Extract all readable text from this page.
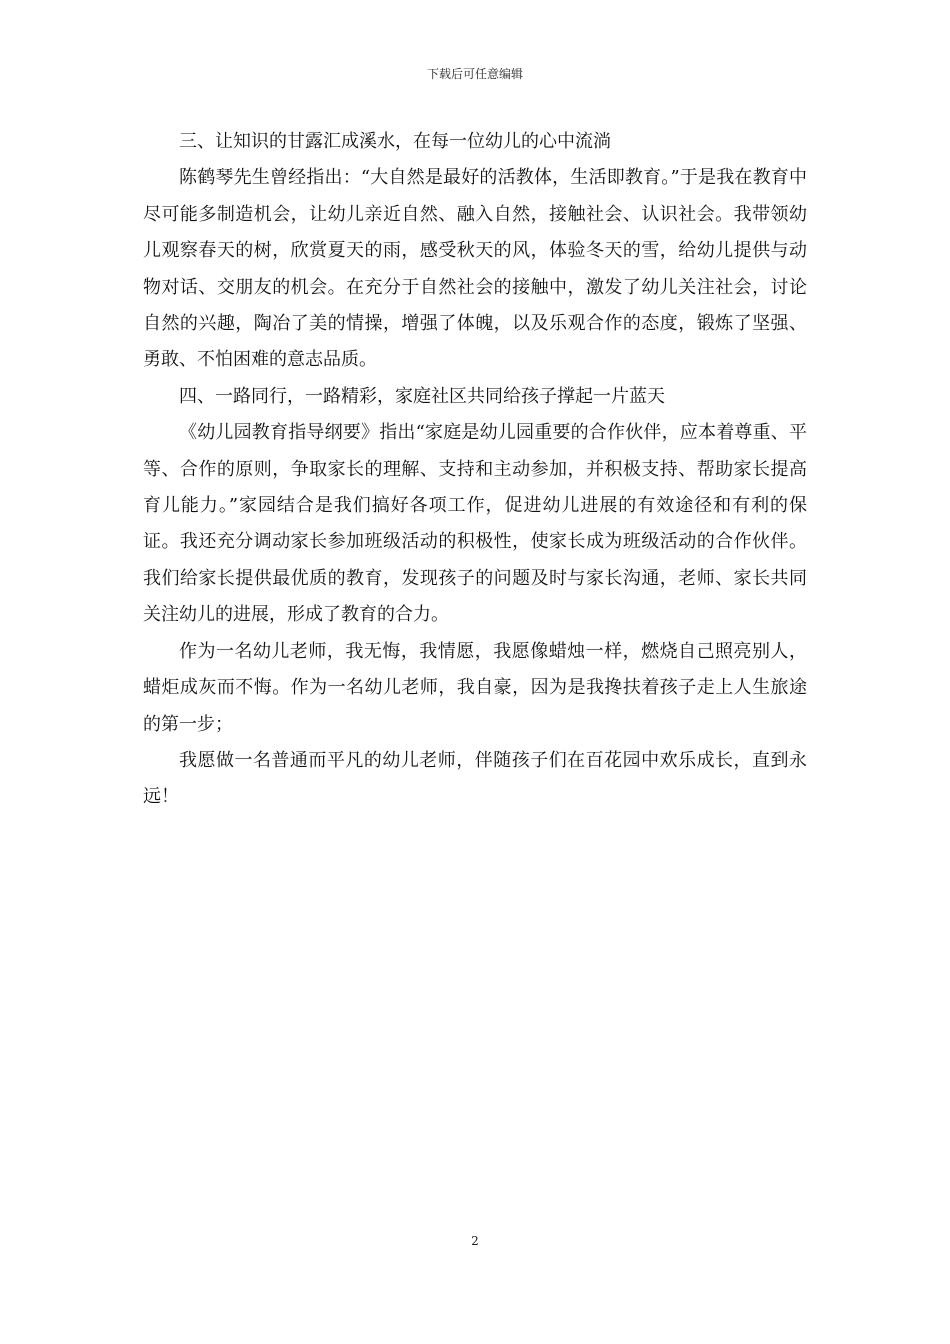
下载后可任意编辑

三、让知识的甘露汇成溪水，在每一位幼儿的心中流淌

陈鹤琴先生曾经指出：“大自然是最好的活教体，生活即教育。”于是我在教育中尽可能多制造机会，让幼儿亲近自然、融入自然，接触社会、认识社会。我带领幼儿观察春天的树，欣赏夏天的雨，感受秋天的风，体验冬天的雪，给幼儿提供与动物对话、交朋友的机会。在充分于自然社会的接触中，激发了幼儿关注社会，讨论自然的兴趣，陶冶了美的情操，增强了体魄，以及乐观合作的态度，锻炼了坚强、勇敢、不怕困难的意志品质。

四、一路同行，一路精彩，家庭社区共同给孩子撑起一片蓝天

《幼儿园教育指导纲要》指出“家庭是幼儿园重要的合作伙伴，应本着尊重、平等、合作的原则，争取家长的理解、支持和主动参加，并积极支持、帮助家长提高育儿能力。”家园结合是我们搞好各项工作，促进幼儿进展的有效途径和有利的保证。我还充分调动家长参加班级活动的积极性，使家长成为班级活动的合作伙伴。我们给家长提供最优质的教育，发现孩子的问题及时与家长沟通，老师、家长共同关注幼儿的进展，形成了教育的合力。

作为一名幼儿老师，我无悔，我情愿，我愿像蜡烛一样，燃烧自己照亮别人，蜡炬成灰而不悔。作为一名幼儿老师，我自豪，因为是我搀扶着孩子走上人生旅途的第一步；

我愿做一名普通而平凡的幼儿老师，伴随孩子们在百花园中欢乐成长，直到永远！

2
